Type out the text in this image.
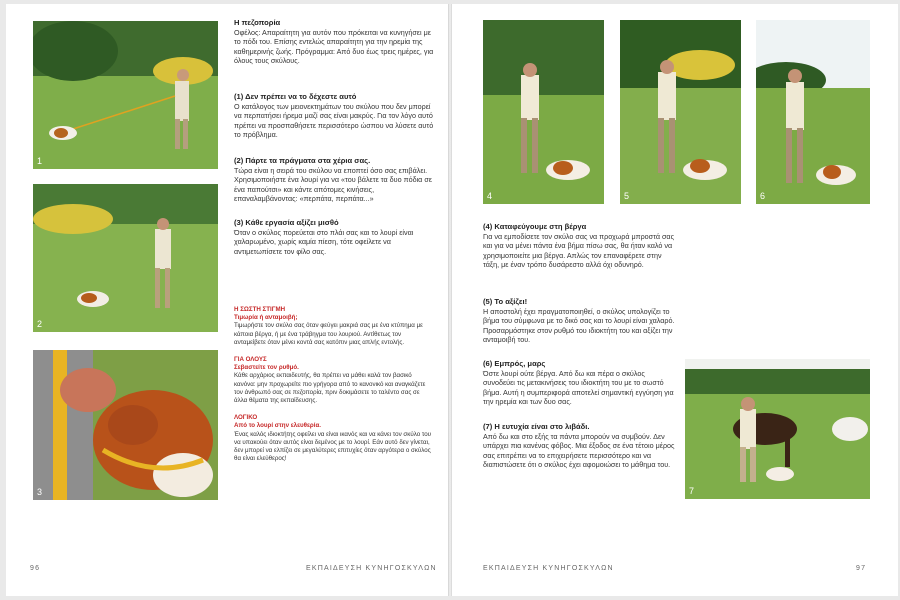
1
2
3
Η πεζοπορία

Οφέλος: Απαραίτητη για αυτόν που πρόκειται να κυνηγήσει με το πόδι του. Επίσης εντελώς απαραίτητη για την ηρεμία της καθημερινής ζωής. Πρόγραμμα: Από δυο έως τρεις ημέρες, για όλους τους σκύλους.

(1) Δεν πρέπει να το δέχεστε αυτό

Ο κατάλογος των μειονεκτημάτων του σκύλου που δεν μπορεί να περπατήσει ήρεμα μαζί σας είναι μακρύς. Για τον λόγο αυτό πρέπει να προσπαθήσετε περισσότερο ώσπου να λύσετε αυτό το πρόβλημα.

(2) Πάρτε τα πράγματα στα χέρια σας.

Τώρα είναι η σειρά του σκύλου να εποπτεί όσο σας επιβάλει. Χρησιμοποιήστε ένα λουρί για να «του βάλετε τα δυο πόδια σε ένα παπούτσι» και κάντε απότομες κινήσεις, επαναλαμβάνοντας: «περπάτα, περπάτα...»

(3) Κάθε εργασία αξίζει μισθό

Όταν ο σκύλος πορεύεται στο πλάι σας και το λουρί είναι χαλαρωμένο, χωρίς καμία πίεση, τότε οφείλετε να αντιμετωπίσετε τον φίλο σας.

Η ΣΩΣΤΗ ΣΤΙΓΜΗ

Τιμωρία ή ανταμοιβή;

Τιμωρήστε τον σκύλο σας όταν φεύγει μακριά σας με ένα κτύπημα με κάποια βέργα, ή με ένα τράβηγμα του λουριού. Αντίθετως τον ανταμείβετε όταν μένει κοντά σας κατόπιν μιας απλής εντολής.

ΓΙΑ ΟΛΟΥΣ

Σεβαστείτε τον ρυθμό.

Κάθε αρχάριος εκπαιδευτής, θα πρέπει να μάθει καλά τον βασικό κανόνα: μην προχωρείτε πιο γρήγορα από το κανονικό και αναγκάζετε τον άνθρωπό σας σε πεζοπορία, πριν δοκιμάσετε το ταλέντο σας σε άλλα θέματα της εκπαίδευσης.

ΛΟΓΙΚΟ

Από το λουρί στην ελευθερία.

Ένας καλός ιδιοκτήτης οφείλει να είναι ικανός και να κάνει τον σκύλο του να υπακούει όταν αυτός είναι δεμένος με το λουρί. Εάν αυτό δεν γίνεται, δεν μπορεί να ελπίζει σε μεγαλύτερες επιτυχίες όταν αργότερα ο σκύλος θα είναι ελεύθερος!

96	ΕΚΠΑΙΔΕΥΣΗ ΚΥΝΗΓΟΣΚΥΛΩΝ
4	5	6
7
(4) Καταφεύγουμε στη βέργα

Για να εμποδίσετε τον σκύλο σας να προχωρά μπροστά σας και για να μένει πάντα ένα βήμα πίσω σας, θα ήταν καλό να χρησιμοποιείτε μια βέργα. Απλώς τον επαναφέρετε στην τάξη, με έναν τρόπο δυσάρεστο αλλά όχι οδυνηρό.

(5) Το αξίζει!

Η αποστολή έχει πραγματοποιηθεί, ο σκύλος υπολογίζει το βήμα του σύμφωνα με το δικό σας και το λουρί είναι χαλαρό. Προσαρμόστηκε στον ρυθμό του ιδιοκτήτη του και αξίζει την ανταμοιβή του.

(6) Εμπρός, μαρς

Όστε λουρί ούτε βέργα. Από δω και πέρα ο σκύλος συνοδεύει τις μετακινήσεις του ιδιοκτήτη του με το σωστό βήμα. Αυτή η συμπεριφορά αποτελεί σημαντική εγγύηση για την ηρεμία και των δυο σας.

(7) Η ευτυχία είναι στο λιβάδι.

Από δω και στο εξής τα πάντα μπορούν να συμβούν. Δεν υπάρχει πια κανένας φόβος. Μια έξοδος σε ένα τέτοιο μέρος σας επιτρέπει να το επιχειρήσετε περισσότερο και να διαπιστώσετε ότι ο σκύλος έχει αφομοιώσει το μάθημα του.

ΕΚΠΑΙΔΕΥΣΗ ΚΥΝΗΓΟΣΚΥΛΩΝ	97
